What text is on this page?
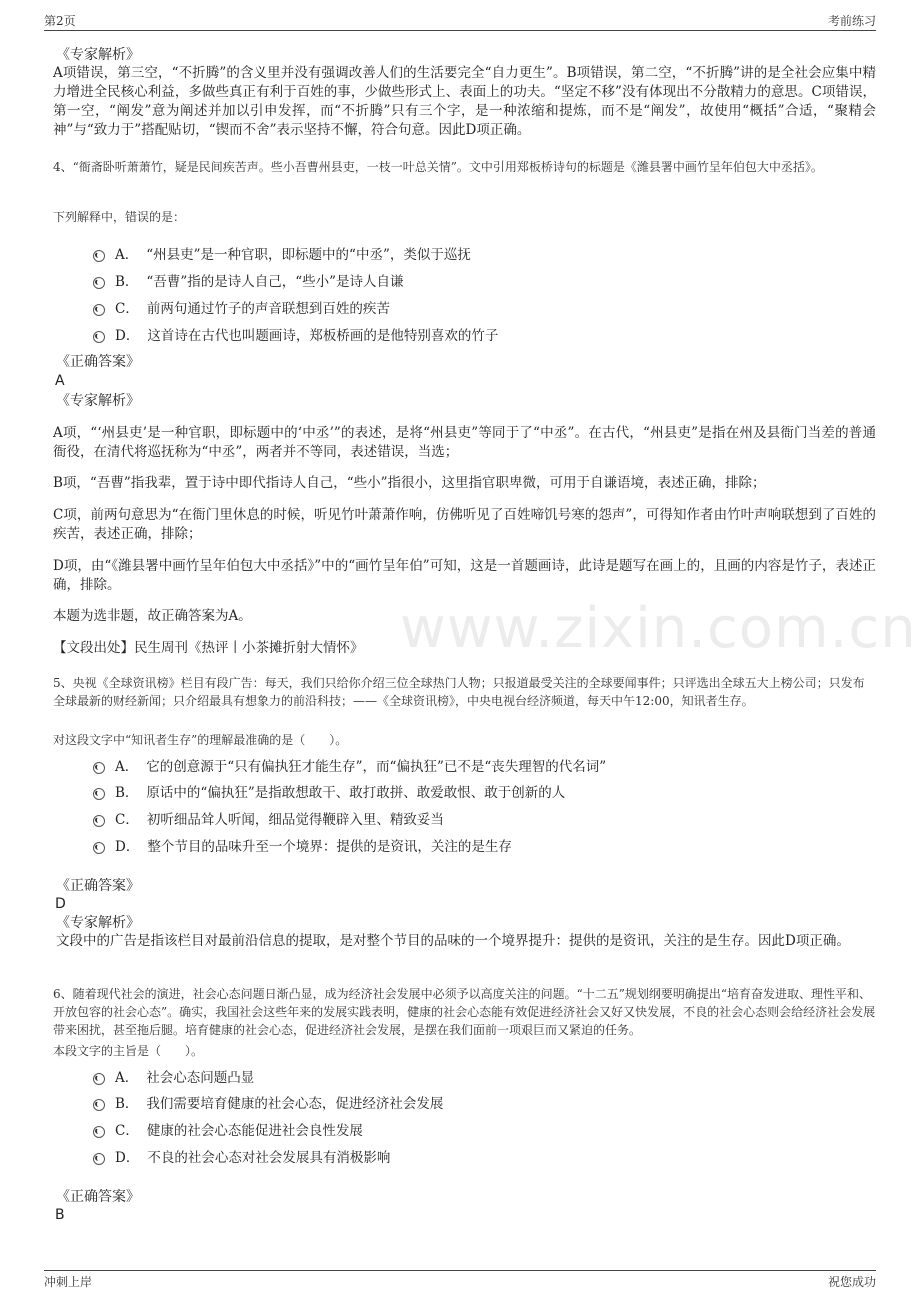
第2页	考前练习
www.zixin.com.cn
《专家解析》
A项错误，第三空，“不折腾”的含义里并没有强调改善人们的生活要完全“自力更生”。B项错误，第二空，“不折腾”讲的是全社会应集中精力增进全民核心利益，多做些真正有利于百姓的事，少做些形式上、表面上的功夫。“坚定不移”没有体现出不分散精力的意思。C项错误，第一空，“阐发”意为阐述并加以引申发挥，而“不折腾”只有三个字，是一种浓缩和提炼，而不是“阐发”，故使用“概括”合适，“聚精会神”与“致力于”搭配贴切，“锲而不舍”表示坚持不懈，符合句意。因此D项正确。
4、“衙斋卧听萧萧竹，疑是民间疾苦声。些小吾曹州县吏，一枝一叶总关情”。文中引用郑板桥诗句的标题是《潍县署中画竹呈年伯包大中丞括》。
下列解释中，错误的是：
A． “州县吏”是一种官职，即标题中的“中丞”，类似于巡抚
B． “吾曹”指的是诗人自己，“些小”是诗人自谦
C． 前两句通过竹子的声音联想到百姓的疾苦
D． 这首诗在古代也叫题画诗，郑板桥画的是他特别喜欢的竹子
《正确答案》
A
《专家解析》
A项，“‘州县吏’是一种官职，即标题中的‘中丞’”的表述，是将“州县吏”等同于了“中丞”。在古代，“州县吏”是指在州及县衙门当差的普通衙役，在清代将巡抚称为“中丞”，两者并不等同，表述错误，当选；
B项，“吾曹”指我辈，置于诗中即代指诗人自己，“些小”指很小，这里指官职卑微，可用于自谦语境，表述正确，排除；
C项，前两句意思为“在衙门里休息的时候，听见竹叶萧萧作响，仿佛听见了百姓啼饥号寒的怨声”，可得知作者由竹叶声响联想到了百姓的疾苦，表述正确，排除；
D项，由“《潍县署中画竹呈年伯包大中丞括》”中的“画竹呈年伯”可知，这是一首题画诗，此诗是题写在画上的，且画的内容是竹子，表述正确，排除。
本题为选非题，故正确答案为A。
【文段出处】民生周刊《热评丨小茶摊折射大情怀》
5、央视《全球资讯榜》栏目有段广告：每天，我们只给你介绍三位全球热门人物；只报道最受关注的全球要闻事件；只评选出全球五大上榜公司；只发布全球最新的财经新闻；只介绍最具有想象力的前沿科技；——《全球资讯榜》，中央电视台经济频道，每天中午12:00，知讯者生存。
对这段文字中“知讯者生存”的理解最准确的是（　　）。
A． 它的创意源于“只有偏执狂才能生存”，而“偏执狂”已不是“丧失理智的代名词”
B． 原话中的“偏执狂”是指敢想敢干、敢打敢拼、敢爱敢恨、敢于创新的人
C． 初听细品耸人听闻，细品觉得鞭辟入里、精致妥当
D． 整个节目的品味升至一个境界：提供的是资讯，关注的是生存
《正确答案》
D
《专家解析》
文段中的广告是指该栏目对最前沿信息的提取，是对整个节目的品味的一个境界提升：提供的是资讯，关注的是生存。因此D项正确。
6、随着现代社会的演进，社会心态问题日渐凸显，成为经济社会发展中必须予以高度关注的问题。“十二五”规划纲要明确提出“培育奋发进取、理性平和、开放包容的社会心态”。确实，我国社会这些年来的发展实践表明，健康的社会心态能有效促进经济社会又好又快发展，不良的社会心态则会给经济社会发展带来困扰，甚至拖后腿。培育健康的社会心态，促进经济社会发展，是摆在我们面前一项艰巨而又紧迫的任务。
本段文字的主旨是（　　）。
A． 社会心态问题凸显
B． 我们需要培育健康的社会心态，促进经济社会发展
C． 健康的社会心态能促进社会良性发展
D． 不良的社会心态对社会发展具有消极影响
《正确答案》
B
冲刺上岸	祝您成功
